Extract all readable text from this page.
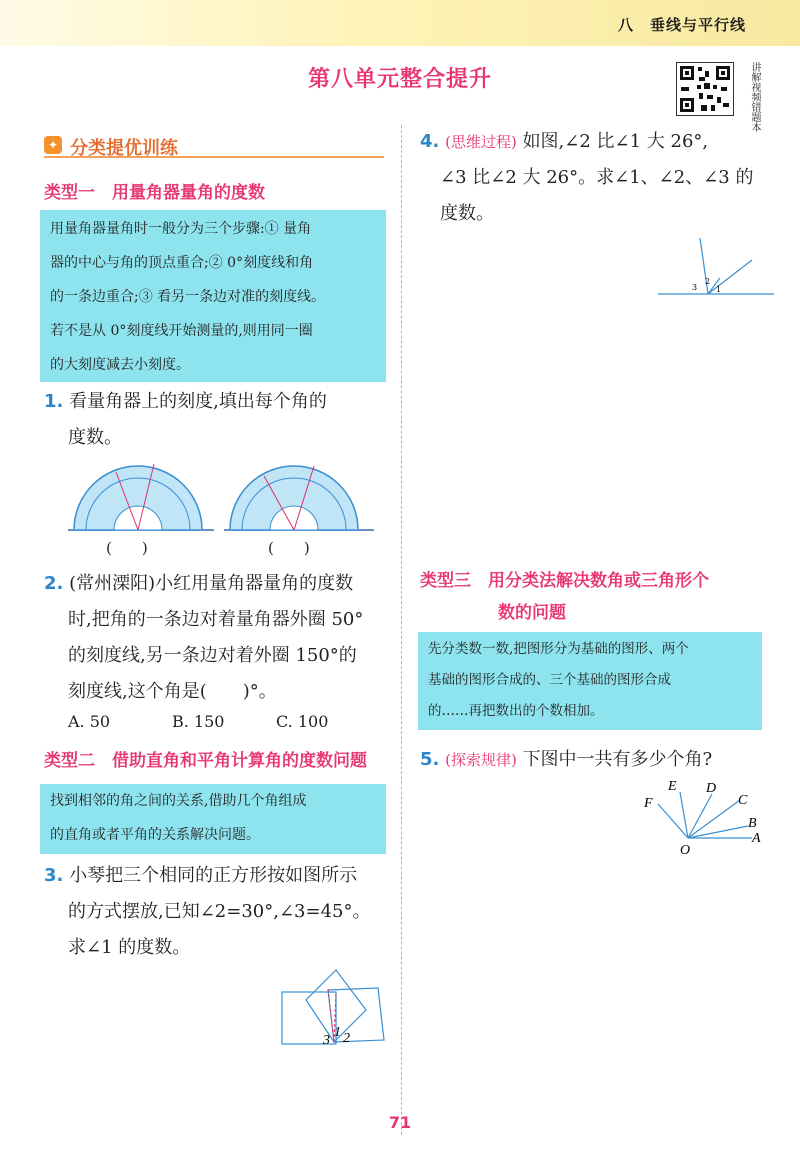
八　垂线与平行线
第八单元整合提升	讲解视频错题本
✦ 分类提优训练
类型一　用量角器量角的度数
用量角器量角时一般分为三个步骤:① 量角
器的中心与角的顶点重合;② 0°刻度线和角
的一条边重合;③ 看另一条边对准的刻度线。
若不是从 0°刻度线开始测量的,则用同一圈
的大刻度减去小刻度。
1. 看量角器上的刻度,填出每个角的
度数。
(　　)	(　　)
2. (常州溧阳)小红用量角器量角的度数
时,把角的一条边对着量角器外圈 50°
的刻度线,另一条边对着外圈 150°的
刻度线,这个角是(　　)°。
A. 50	B. 150	C. 100
类型二　借助直角和平角计算角的度数问题
找到相邻的角之间的关系,借助几个角组成
的直角或者平角的关系解决问题。
3. 小琴把三个相同的正方形按如图所示
的方式摆放,已知∠2=30°,∠3=45°。
求∠1 的度数。
3
1 2
4. (思维过程) 如图,∠2 比∠1 大 26°,
∠3 比∠2 大 26°。求∠1、∠2、∠3 的
度数。
3
2
1
类型三　用分类法解决数角或三角形个
数的问题
先分类数一数,把图形分为基础的图形、两个
基础的图形合成的、三个基础的图形合成
的……再把数出的个数相加。
5. (探索规律) 下图中一共有多少个角?
E D
F	C
B
A
O
71
